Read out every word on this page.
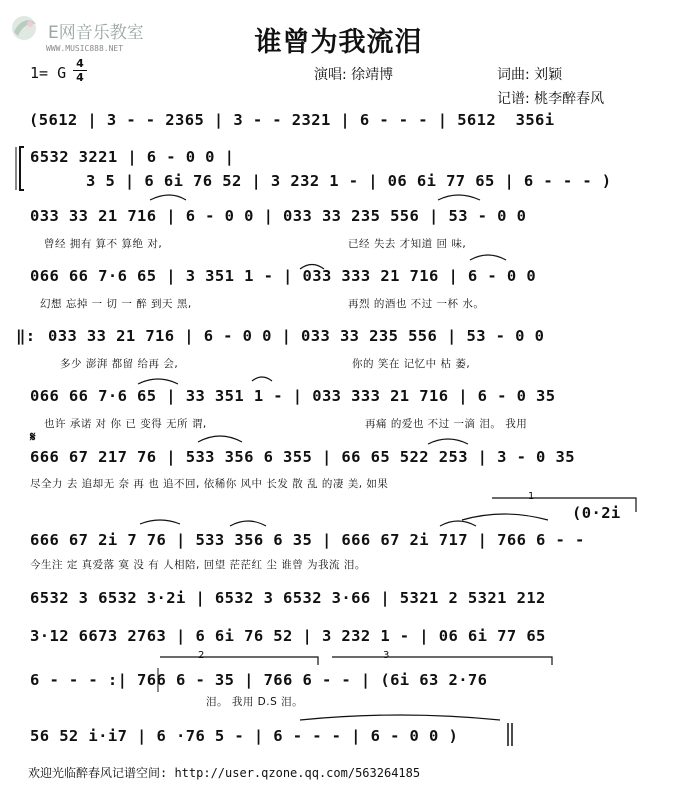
E网音乐教室
WWW.MUSIC888.NET	谁曾为我流泪
1= G
4
4	演唱: 徐靖博	词曲: 刘颖
记谱: 桃李醉春风
(5612 | 3 - - 2365 | 3 - - 2321 | 6 - - - | 5612  356i
6532 3221 | 6 - 0 0 |
3 5 | 6 6i 76 52 | 3 232 1 - | 06 6i 77 65 | 6 - - - )
033 33 21 716 | 6 - 0 0 | 033 33 235 556 | 53 - 0 0
曾经 拥有 算不 算绝 对,	已经 失去 才知道 回 味,
066 66 7·6 65 | 3 351 1 - | 033 333 21 716 | 6 - 0 0
幻想 忘掉 一 切 一 醉 到天 黑,	再烈 的酒也 不过 一杯 水。
‖: 033 33 21 716 | 6 - 0 0 | 033 33 235 556 | 53 - 0 0
多少 澎湃 都留 给再 会,	你的 笑在 记忆中 枯 萎,
066 66 7·6 65 | 33 351 1 - | 033 333 21 716 | 6 - 0 35
也许 承诺 对 你 已 变得 无所 谓,	再痛 的爱也 不过 一滴 泪。 我用
𝄋
666 67 217 76 | 533 356 6 355 | 66 65 522 253 | 3 - 0 35
尽全力 去 追却无 奈 再 也 追不回, 依稀你 风中 长发 散 乱 的凄 美, 如果
1
(0·2i
666 67 2i 7 76 | 533 356 6 35 | 666 67 2i 717 | 766 6 - -
今生注 定 真爱落 寞 没 有 人相陪, 回望 茫茫红 尘 谁曾 为我流 泪。
6532 3 6532 3·2i | 6532 3 6532 3·66 | 5321 2 5321 212
3·12 6673 2763 | 6 6i 76 52 | 3 232 1 - | 06 6i 77 65
2	3
6 - - - :| 766 6 - 35 | 766 6 - - | (6i 63 2·76
泪。 我用 D.S 泪。
56 52 i·i7 | 6 ·76 5 - | 6 - - - | 6 - 0 0 )
欢迎光临醉春风记谱空间: http://user.qzone.qq.com/563264185
